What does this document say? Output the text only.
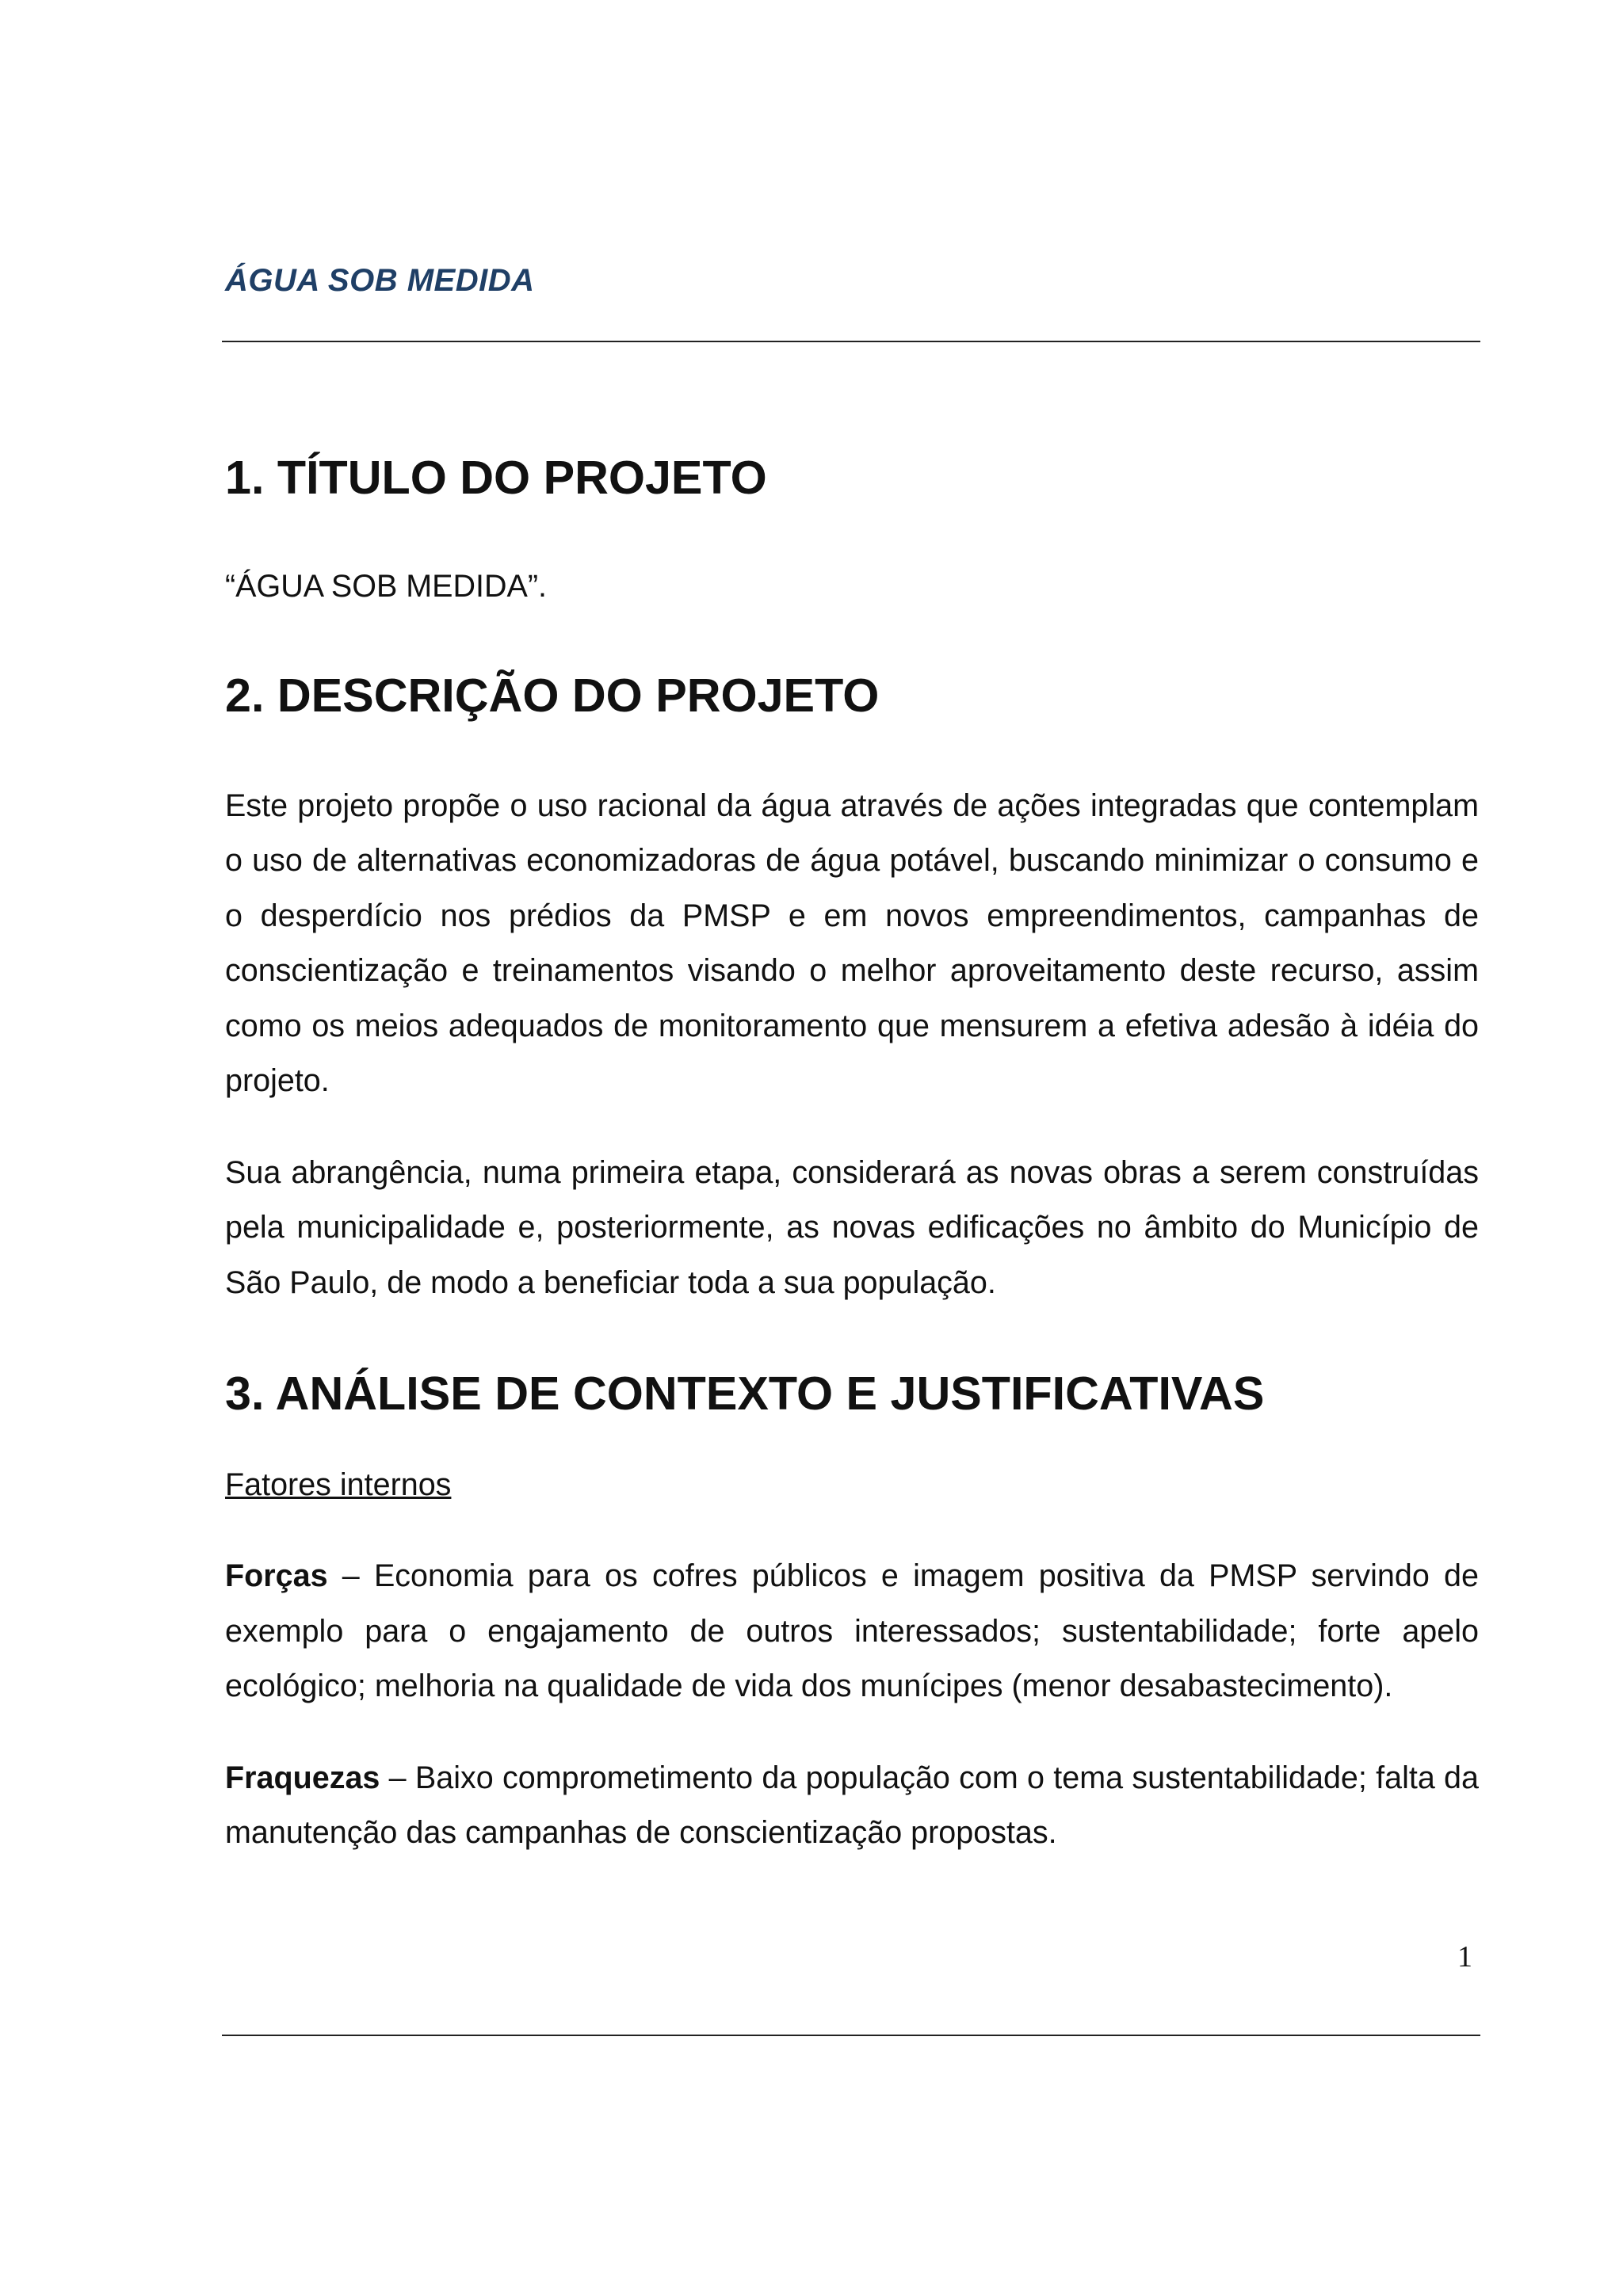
ÁGUA SOB MEDIDA
1. TÍTULO DO PROJETO

“ÁGUA SOB MEDIDA”.

2. DESCRIÇÃO DO PROJETO

Este projeto propõe o uso racional da água através de ações integradas que contemplam o uso de alternativas economizadoras de água potável, buscando minimizar o consumo e o desperdício nos prédios da PMSP e em novos empreendimentos, campanhas de conscientização e treinamentos visando o melhor aproveitamento deste recurso, assim como os meios adequados de monitoramento que mensurem a efetiva adesão à idéia do projeto.

Sua abrangência, numa primeira etapa, considerará as novas obras a serem construídas pela municipalidade e, posteriormente, as novas edificações no âmbito do Município de São Paulo, de modo a beneficiar toda a sua população.

3. ANÁLISE DE CONTEXTO E JUSTIFICATIVAS

Fatores internos

Forças – Economia para os cofres públicos e imagem positiva da PMSP servindo de exemplo para o engajamento de outros interessados; sustentabilidade; forte apelo ecológico; melhoria na qualidade de vida dos munícipes (menor desabastecimento).

Fraquezas – Baixo comprometimento da população com o tema sustentabilidade; falta da manutenção das campanhas de conscientização propostas.

1
